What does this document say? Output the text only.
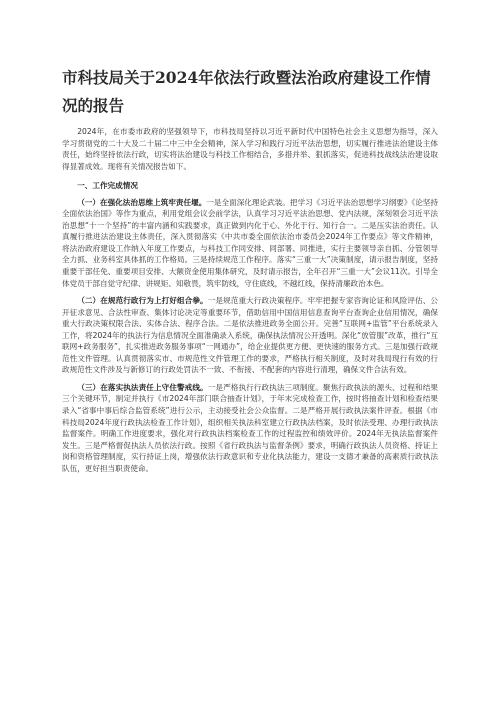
市科技局关于2024年依法行政暨法治政府建设工作情况的报告

2024年，在市委市政府的坚强领导下，市科技局坚持以习近平新时代中国特色社会主义思想为指导，深入学习贯彻党的二十大及二十届二中三中全会精神，深入学习和践行习近平法治思想，切实履行推进法治建设主体责任，始终坚持依法行政，切实将法治建设与科技工作相结合，多措并举、狠抓落实，促进科技战线法治建设取得显著成效。现将有关情况报告如下。

一、工作完成情况

（一）在强化法治思维上筑牢责任堰。一是全面深化理论武装。把学习《习近平法治思想学习纲要》《论坚持全面依法治国》等作为重点，利用党组会议会前学法，认真学习习近平法治思想、党内法规，深刻领会习近平法治思想“十一个坚持”的丰富内涵和实践要求，真正做到内化于心、外化于行、知行合一。二是压实法治责任。认真履行推进法治建设主体责任，深入贯彻落实《中共市委全面依法治市委员会2024年工作要点》等文件精神，将法治政府建设工作纳入年度工作要点，与科技工作同安排、同部署、同推进，实行主要领导亲自抓、分管领导全力抓、业务科室具体抓的工作格局。三是持续规范工作程序。落实“三重一大”决策制度，请示报告制度，坚持重要干部任免、重要项目安排、大额资金使用集体研究，及时请示报告，全年召开“三重一大”会议11次。引导全体党员干部自觉守纪律、讲规矩、知敬畏，筑牢防线，守住底线，不越红线，保持清廉政治本色。

（二）在规范行政行为上打好组合拳。一是规范重大行政决策程序。牢牢把握专家咨询论证和风险评估、公开征求意见、合法性审查、集体讨论决定等重要环节，借助信用中国信用信息查询平台查询企业信用情况，确保重大行政决策权限合法、实体合法、程序合法。二是依法推进政务全面公开。完善“互联网+监管”平台系统录入工作，将2024年的执法行为信息情况全面准确录入系统，确保执法情况公开透明。深化“放管服”改革，推行“互联网+政务服务”，扎实推进政务服务事项“一网通办”，给企业提供更方便、更快速的服务方式。三是加强行政规范性文件管理。认真贯彻落实市、市规范性文件管理工作的要求，严格执行相关制度，及时对我局现行有效的行政规范性文件涉及与新修订的行政处罚法不一致、不衔接、不配套的内容进行清理，确保文件合法有效。

（三）在落实执法责任上守住警戒线。一是严格执行行政执法三项制度。聚焦行政执法的源头、过程和结果三个关键环节，制定并执行《市2024年部门联合抽查计划》，于年末完成检查工作，按时将抽查计划和检查结果录入“省事中事后综合监管系统”进行公示，主动接受社会公众监督。二是严格开展行政执法案件评查。根据《市科技局2024年度行政执法检查工作计划》，组织相关执法科室建立行政执法档案，及时依法受理、办理行政执法监督案件。明确工作进度要求，强化对行政执法档案检查工作的过程监控和绩效评价。2024年无执法监督案件发生。三是严格督促执法人员依法行政。按照《省行政执法与监督条例》要求，明确行政执法人员资格、持证上岗和资格管理制度，实行持证上岗，增强依法行政意识和专业化执法能力，建设一支德才兼备的高素质行政执法队伍，更好担当职责使命。
